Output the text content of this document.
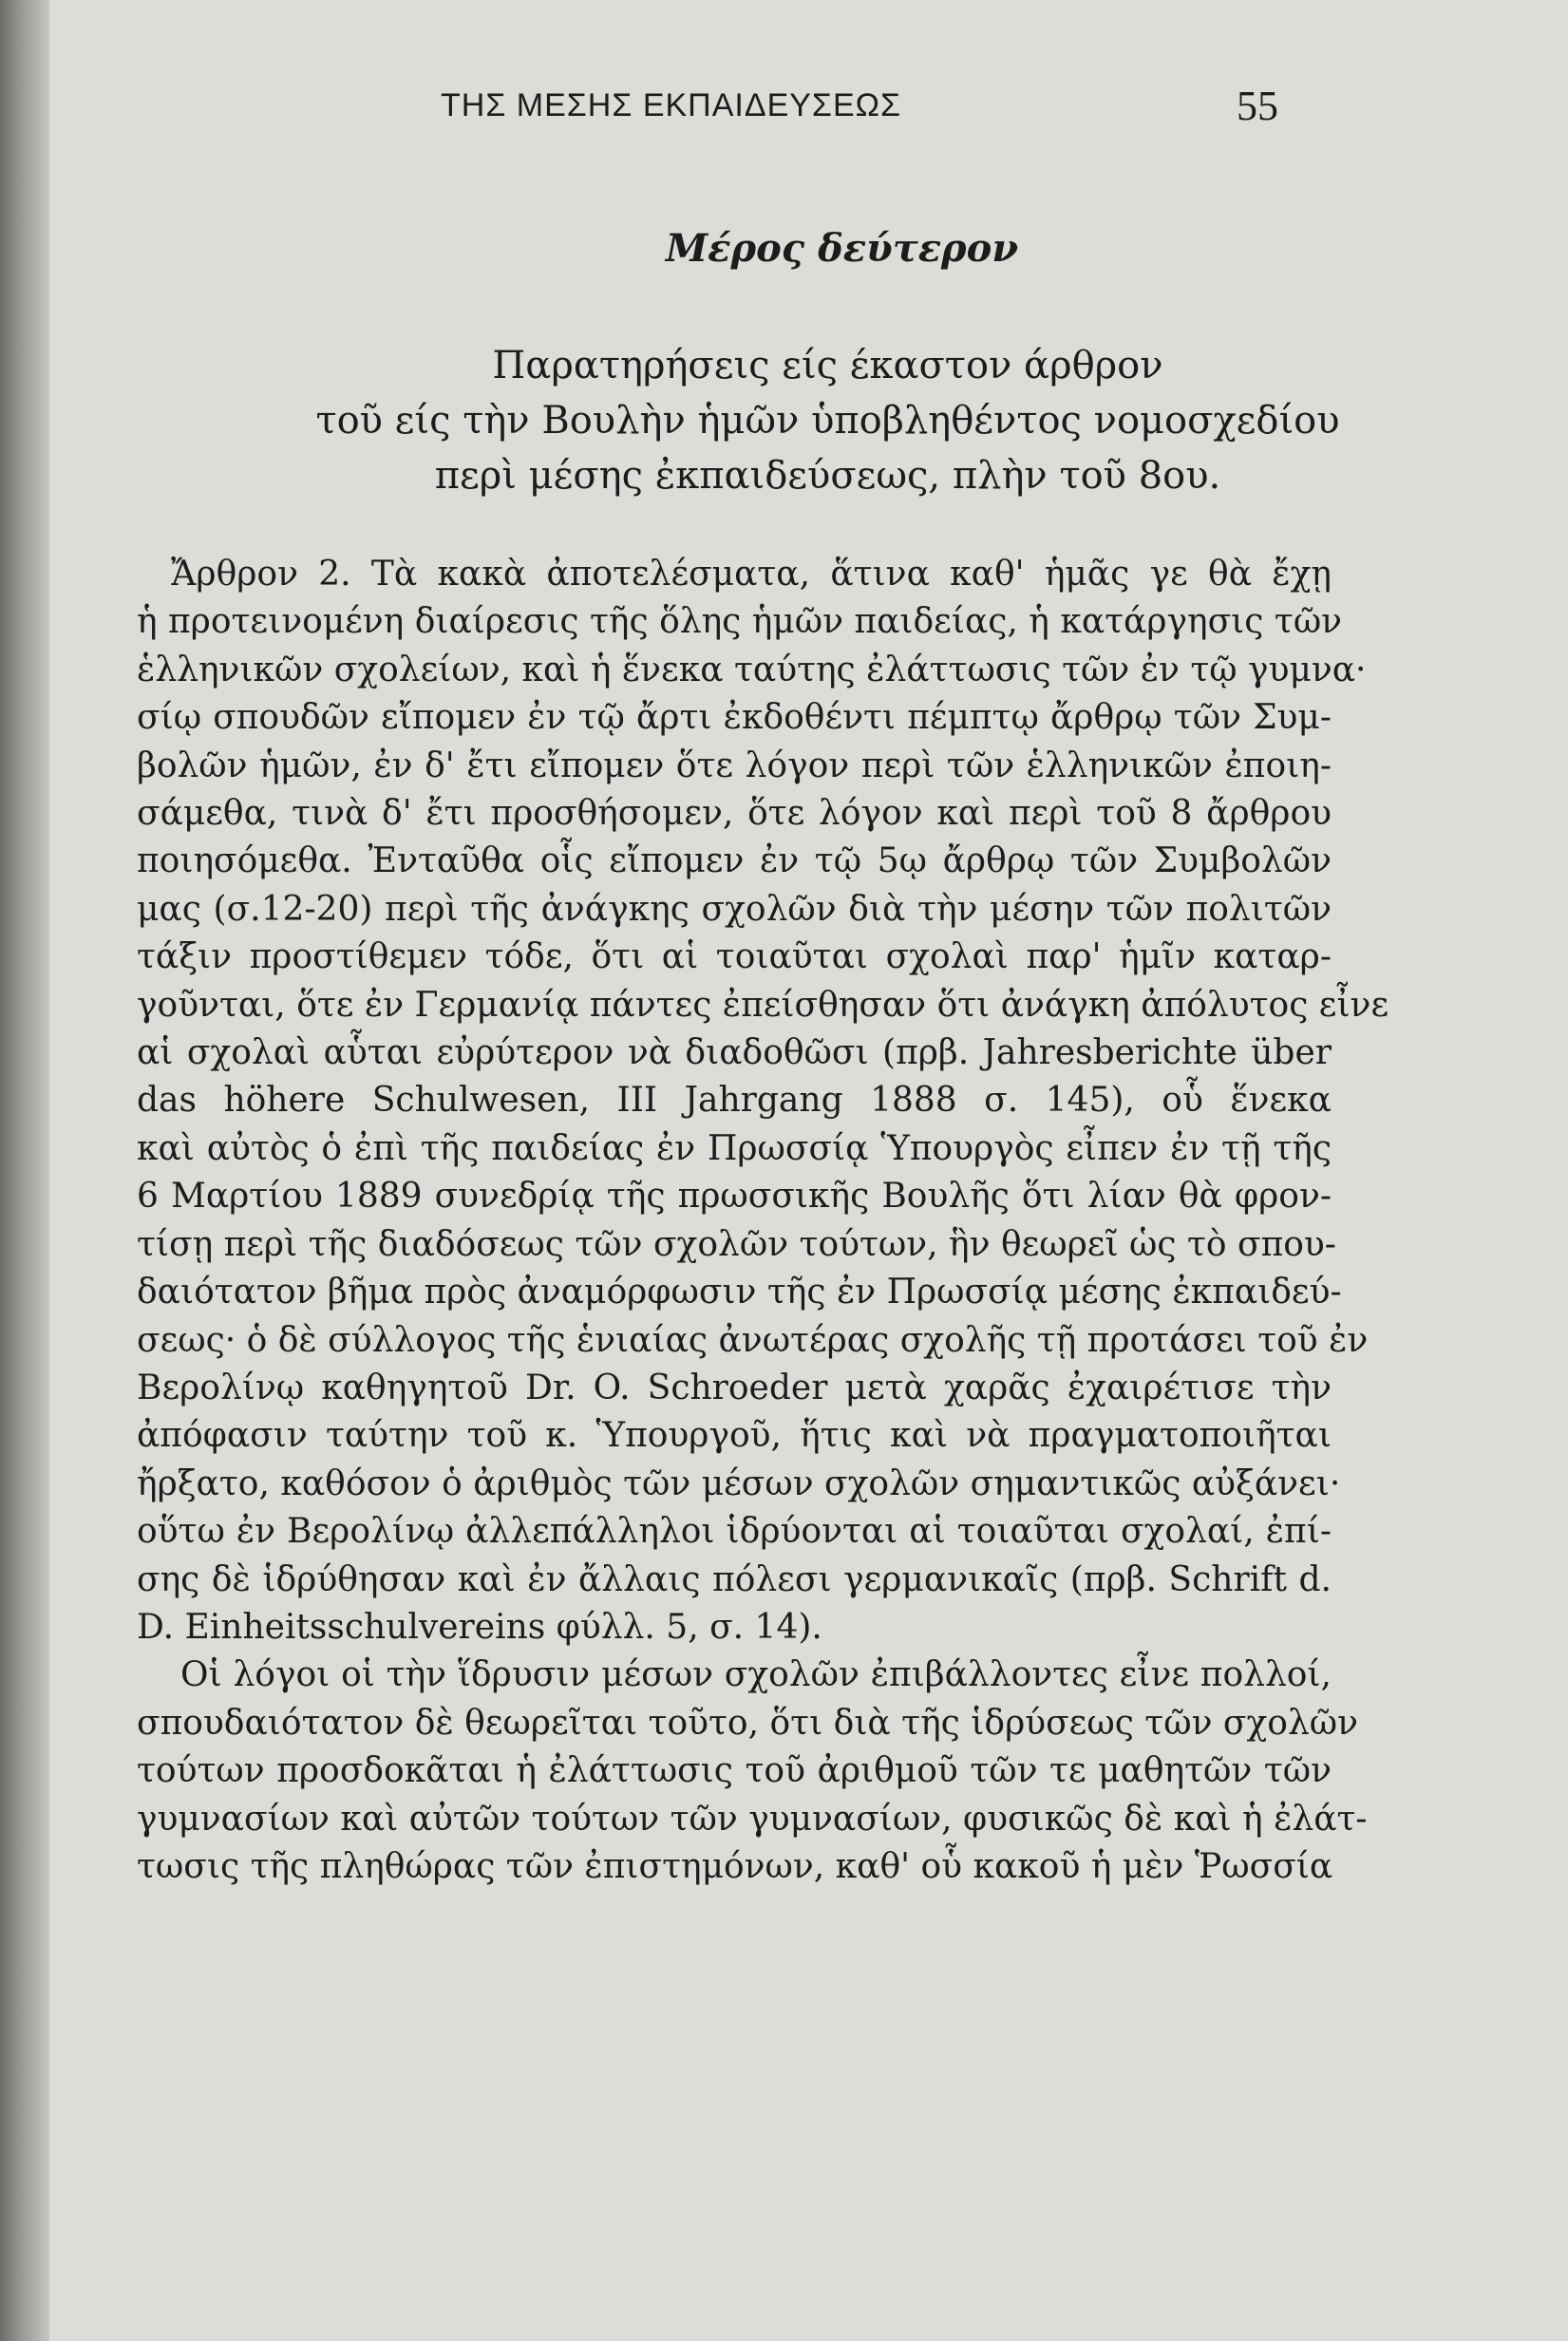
ΤΗΣ ΜΕΣΗΣ ΕΚΠΑΙΔΕΥΣΕΩΣ	55
Μέρος δεύτερον
Παρατηρήσεις είς έκαστον άρθρον
τοῦ είς τὴν Βουλὴν ἡμῶν ὑποβληθέντος νομοσχεδίου
περὶ μέσης ἐκπαιδεύσεως, πλὴν τοῦ 8ου.

Ἄρθρον 2. Τὰ κακὰ ἀποτελέσματα, ἅτινα καθ' ἡμᾶς γε θὰ ἔχῃ
ἡ προτεινομένη διαίρεσις τῆς ὅλης ἡμῶν παιδείας, ἡ κατάργησις τῶν
ἑλληνικῶν σχολείων, καὶ ἡ ἕνεκα ταύτης ἐλάττωσις τῶν ἐν τῷ γυμνα·
σίῳ σπουδῶν εἴπομεν ἐν τῷ ἄρτι ἐκδοθέντι πέμπτῳ ἄρθρῳ τῶν Συμ-
βολῶν ἡμῶν, ἐν δ' ἔτι εἴπομεν ὅτε λόγον περὶ τῶν ἑλληνικῶν ἐποιη-
σάμεθα, τινὰ δ' ἔτι προσθήσομεν, ὅτε λόγον καὶ περὶ τοῦ 8 ἄρθρου
ποιησόμεθα. Ἐνταῦθα οἷς εἴπομεν ἐν τῷ 5ῳ ἄρθρῳ τῶν Συμβολῶν
μας (σ.12-20) περὶ τῆς ἀνάγκης σχολῶν διὰ τὴν μέσην τῶν πολιτῶν
τάξιν προστίθεμεν τόδε, ὅτι αἱ τοιαῦται σχολαὶ παρ' ἡμῖν καταρ-
γοῦνται, ὅτε ἐν Γερμανίᾳ πάντες ἐπείσθησαν ὅτι ἀνάγκη ἀπόλυτος εἶνε
αἱ σχολαὶ αὗται εὐρύτερον νὰ διαδοθῶσι (πρβ. Jahresberichte über
das höhere Schulwesen, III Jahrgang 1888 σ. 145), οὗ ἕνεκα
καὶ αὐτὸς ὁ ἐπὶ τῆς παιδείας ἐν Πρωσσίᾳ Ὑπουργὸς εἶπεν ἐν τῇ τῆς
6 Μαρτίου 1889 συνεδρίᾳ τῆς πρωσσικῆς Βουλῆς ὅτι λίαν θὰ φρον-
τίσῃ περὶ τῆς διαδόσεως τῶν σχολῶν τούτων, ἣν θεωρεῖ ὡς τὸ σπου-
δαιότατον βῆμα πρὸς ἀναμόρφωσιν τῆς ἐν Πρωσσίᾳ μέσης ἐκπαιδεύ-
σεως· ὁ δὲ σύλλογος τῆς ἑνιαίας ἀνωτέρας σχολῆς τῇ προτάσει τοῦ ἐν
Βερολίνῳ καθηγητοῦ Dr. O. Schroeder μετὰ χαρᾶς ἐχαιρέτισε τὴν
ἀπόφασιν ταύτην τοῦ κ. Ὑπουργοῦ, ἥτις καὶ νὰ πραγματοποιῆται
ἤρξατο, καθόσον ὁ ἀριθμὸς τῶν μέσων σχολῶν σημαντικῶς αὐξάνει·
οὕτω ἐν Βερολίνῳ ἀλλεπάλληλοι ἱδρύονται αἱ τοιαῦται σχολαί, ἐπί-
σης δὲ ἱδρύθησαν καὶ ἐν ἄλλαις πόλεσι γερμανικαῖς (πρβ. Schrift d.
D. Einheitsschulvereins φύλλ. 5, σ. 14).

Οἱ λόγοι οἱ τὴν ἵδρυσιν μέσων σχολῶν ἐπιβάλλοντες εἶνε πολλοί,
σπουδαιότατον δὲ θεωρεῖται τοῦτο, ὅτι διὰ τῆς ἱδρύσεως τῶν σχολῶν
τούτων προσδοκᾶται ἡ ἐλάττωσις τοῦ ἀριθμοῦ τῶν τε μαθητῶν τῶν
γυμνασίων καὶ αὐτῶν τούτων τῶν γυμνασίων, φυσικῶς δὲ καὶ ἡ ἐλάτ-
τωσις τῆς πληθώρας τῶν ἐπιστημόνων, καθ' οὗ κακοῦ ἡ μὲν Ῥωσσία
